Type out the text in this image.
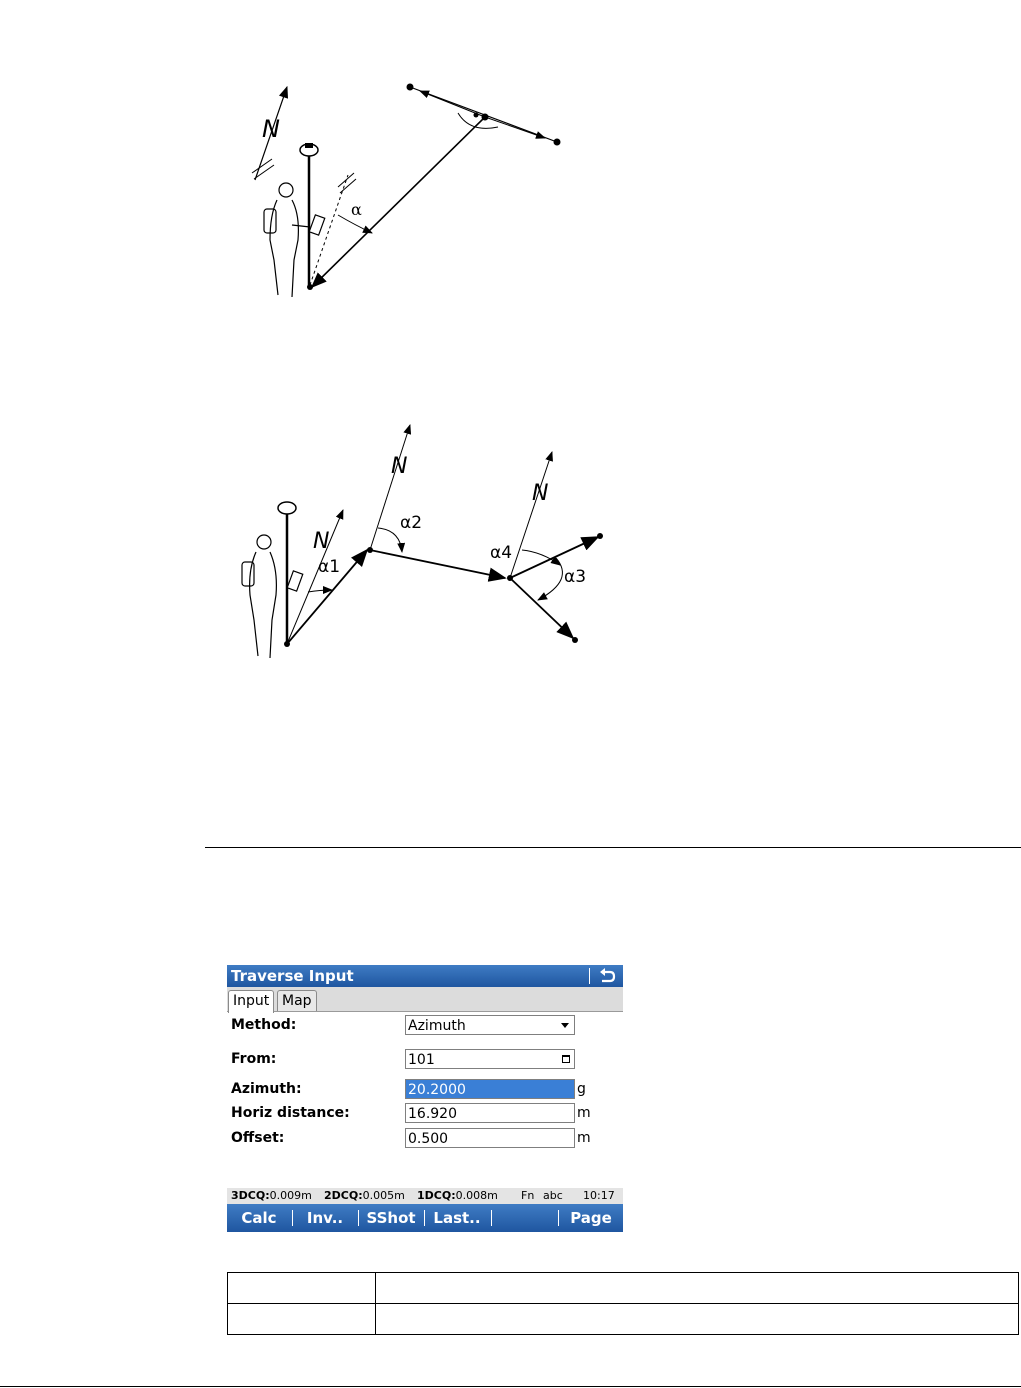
N
α
N
α1
N
α2
N
α4
α3
Traverse Input
Input Map
Method:	Azimuth
From:	101
Azimuth:	20.2000	g
Horiz distance:	16.920	m
Offset:	0.500	m
3DCQ:0.009m 2DCQ:0.005m 1DCQ:0.008m Fn abc 10:17
Calc	Inv..	SShot	Last..	Page
